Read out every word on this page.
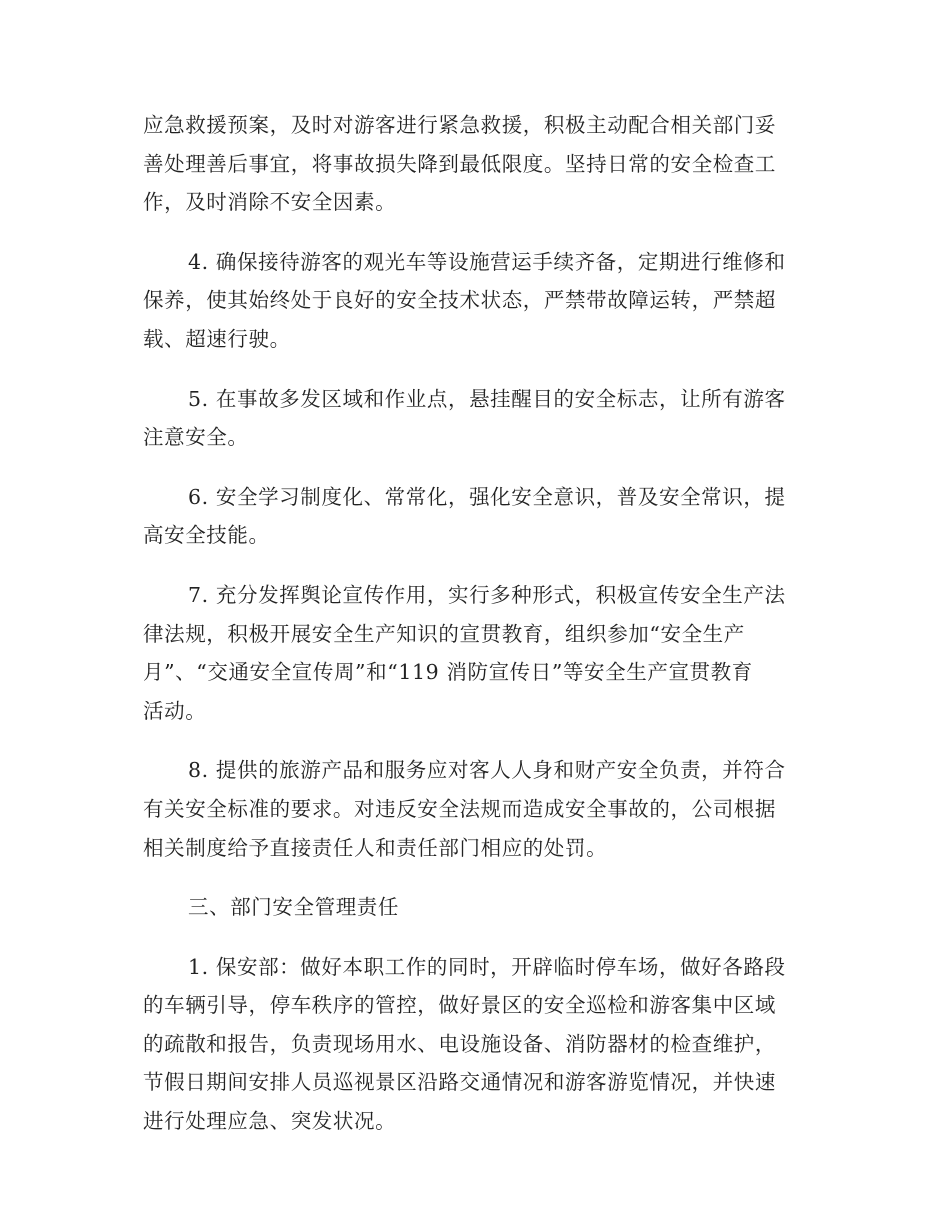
应急救援预案，及时对游客进行紧急救援，积极主动配合相关部门妥
善处理善后事宜，将事故损失降到最低限度。坚持日常的安全检查工
作，及时消除不安全因素。
4. 确保接待游客的观光车等设施营运手续齐备，定期进行维修和
保养，使其始终处于良好的安全技术状态，严禁带故障运转，严禁超
载、超速行驶。
5. 在事故多发区域和作业点，悬挂醒目的安全标志，让所有游客
注意安全。
6. 安全学习制度化、常常化，强化安全意识，普及安全常识，提
高安全技能。
7. 充分发挥舆论宣传作用，实行多种形式，积极宣传安全生产法
律法规，积极开展安全生产知识的宣贯教育，组织参加“安全生产
月”、“交通安全宣传周”和“119 消防宣传日”等安全生产宣贯教育
活动。
8. 提供的旅游产品和服务应对客人人身和财产安全负责，并符合
有关安全标准的要求。对违反安全法规而造成安全事故的，公司根据
相关制度给予直接责任人和责任部门相应的处罚。
三、部门安全管理责任
1. 保安部：做好本职工作的同时，开辟临时停车场，做好各路段
的车辆引导，停车秩序的管控，做好景区的安全巡检和游客集中区域
的疏散和报告，负责现场用水、电设施设备、消防器材的检查维护，
节假日期间安排人员巡视景区沿路交通情况和游客游览情况，并快速
进行处理应急、突发状况。
